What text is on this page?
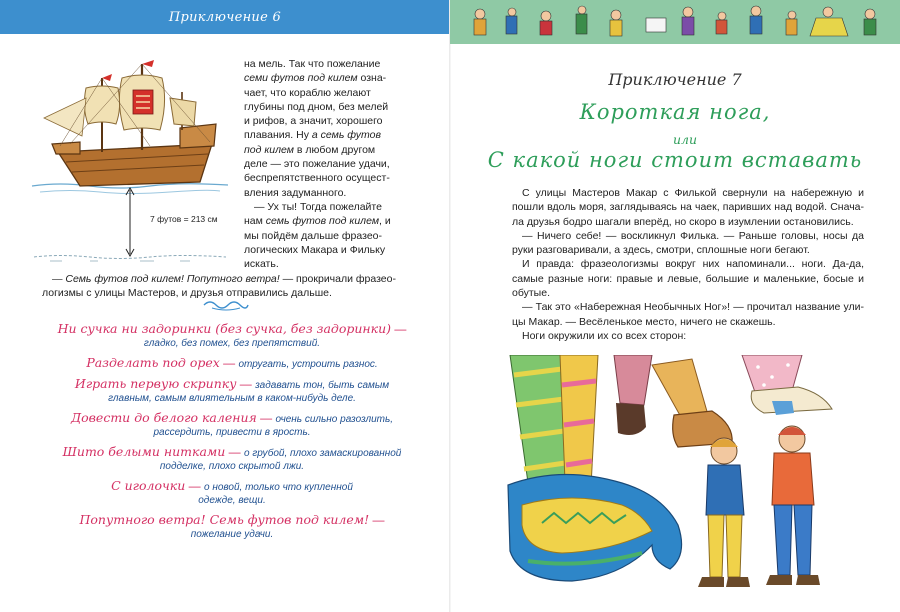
Приключение 6
7 футов = 213 см

на мель. Так что пожелание

семи футов под килем озна-

чает, что кораблю желают

глубины под дном, без мелей

и рифов, а значит, хорошего

плавания. Ну а семь футов

под килем в любом другом

деле — это пожелание удачи,

беспрепятственного осущест-

вления задуманного.

— Ух ты! Тогда пожелайте

нам семь футов под килем, и

мы пойдём дальше фразео-

логических Макара и Фильку

искать.

— Семь футов под килем! Попутного ветра! — прокричали фразео-

логизмы с улицы Мастеров, и друзья отправились дальше.

Ни сучка ни задоринки (без сучка, без задоринки) —
гладко, без помех, без препятствий.
Разделать под орех — отругать, устроить разнос.
Играть первую скрипку — задавать тон, быть самым
главным, самым влиятельным в каком-нибудь деле.
Довести до белого каления — очень сильно разозлить,
рассердить, привести в ярость.
Шито белыми нитками — о грубой, плохо замаскированной
подделке, плохо скрытой лжи.
С иголочки — о новой, только что купленной
одежде, вещи.
Попутного ветра! Семь футов под килем! —
пожелание удачи.
Приключение 7
Короткая нога,
или
С какой ноги стоит вставать

С улицы Мастеров Макар с Филькой свернули на набережную и

пошли вдоль моря, заглядываясь на чаек, паривших над водой. Снача-

ла друзья бодро шагали вперёд, но скоро в изумлении остановились.

— Ничего себе! — воскликнул Филька. — Раньше головы, носы да

руки разговаривали, а здесь, смотри, сплошные ноги бегают.

И правда: фразеологизмы вокруг них напоминали... ноги. Да-да,

самые разные ноги: правые и левые, большие и маленькие, босые и

обутые.

— Так это «Набережная Необычных Ног»! — прочитал название ули-

цы Макар. — Весёленькое место, ничего не скажешь.

Ноги окружили их со всех сторон:
